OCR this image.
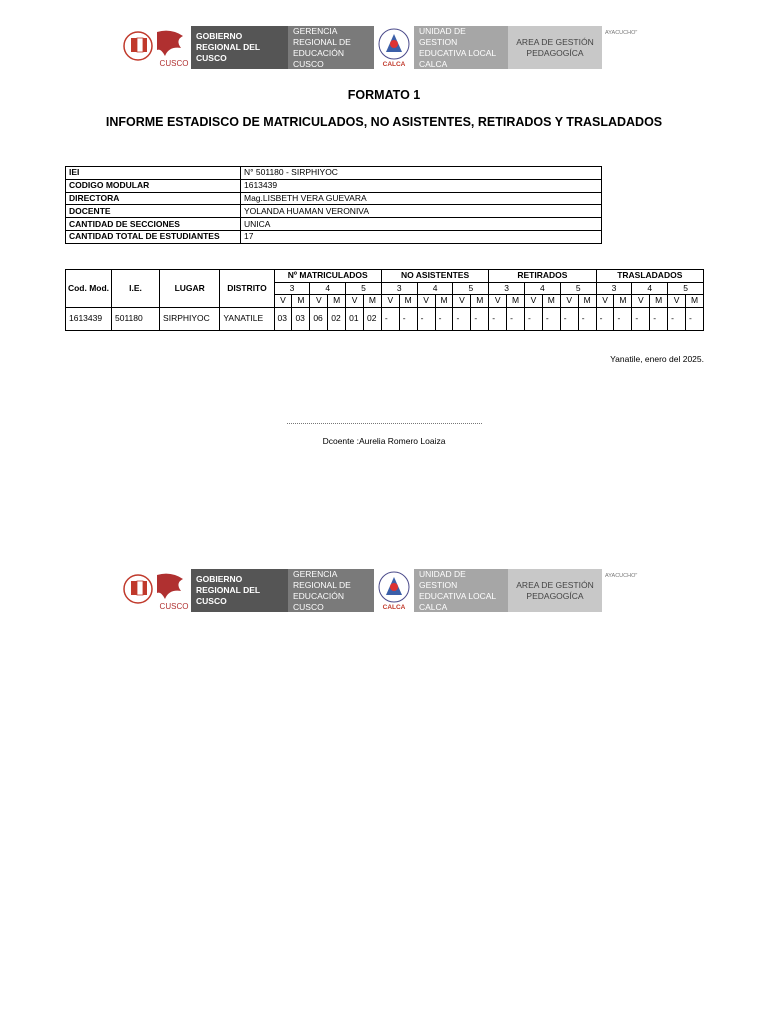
CUSCO
GOBIERNO REGIONAL DEL CUSCO
GERENCIA REGIONAL DE EDUCACIÓN CUSCO	CALCA
UNIDAD DE GESTION EDUCATIVA LOCAL CALCA
AREA DE GESTIÓN PEDAGOGÍCA
AYACUCHO"
FORMATO 1
INFORME ESTADISCO DE MATRICULADOS, NO ASISTENTES, RETIRADOS Y TRASLADADOS
IEI	N° 501180 - SIRPHIYOC
CODIGO MODULAR	1613439
DIRECTORA	Mag.LISBETH VERA GUEVARA
DOCENTE	YOLANDA HUAMAN VERONIVA
CANTIDAD DE SECCIONES	UNICA
CANTIDAD TOTAL DE ESTUDIANTES	17
Cod. Mod.	I.E.	LUGAR	DISTRITO	Nº MATRICULADOS						NO ASISTENTES						RETIRADOS						TRASLADADOS					
				3		4		5		3		4		5		3		4		5		3		4		5	
				V	M	V	M	V	M	V	M	V	M	V	M	V	M	V	M	V	M	V	M	V	M	V	M
1613439	501180	SIRPHIYOC	YANATILE	03	03	06	02	01	02	-	-	-	-	-	-	-	-	-	-	-	-	-	-	-	-	-	-
Yanatile, enero del 2025.
Dcoente :Aurelia Romero Loaiza
CUSCO
GOBIERNO REGIONAL DEL CUSCO
GERENCIA REGIONAL DE EDUCACIÓN CUSCO	CALCA
UNIDAD DE GESTION EDUCATIVA LOCAL CALCA
AREA DE GESTIÓN PEDAGOGÍCA
AYACUCHO"
